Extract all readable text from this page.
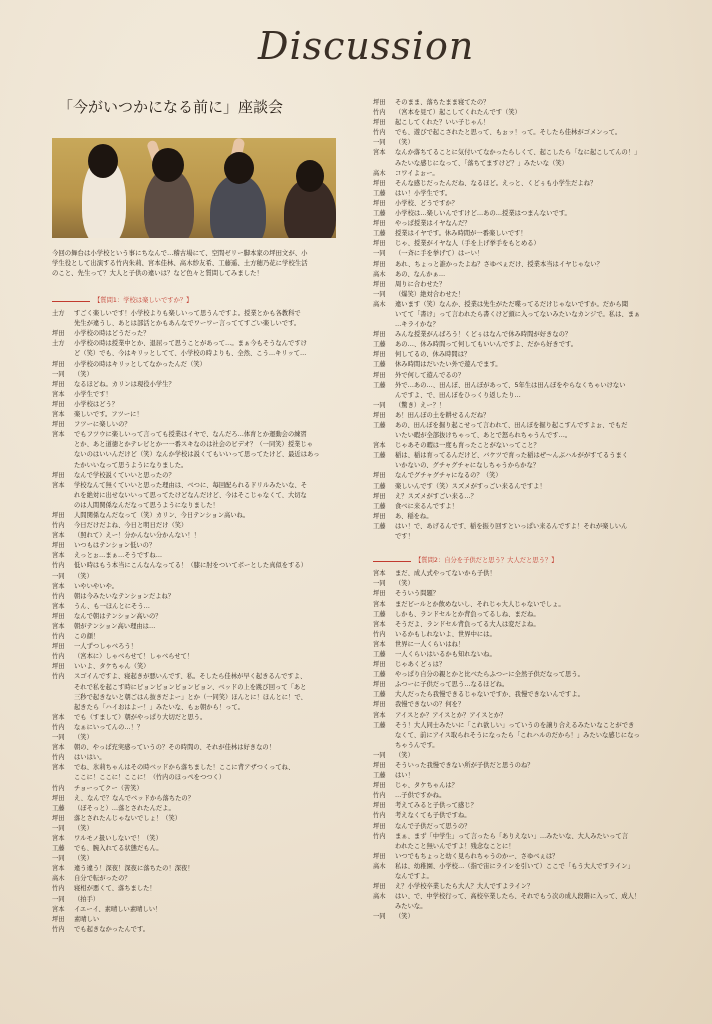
Discussion
「今がいつかになる前に」座談会
今回の舞台は小学校という事にちなんで…稽古場にて、空間ゼリー脚本家の坪田文が、小
学生役として出演する竹内朱莉、宮本佳林、高木紗友希、工藤遥、土方穂乃花に学校生活
のこと、先生って？大人と子供の違いは？など色々と質問してみました！
【質問1：学校は楽しいですか？】
土方	すごく楽しいです！小学校よりも楽しいって思うんですよ。授業とかも各教科で
先生が違うし、あとは部活とかもあんなでワーワー言っててすごい楽しいです。
坪田	小学校の時はどうだった？
土方	小学校の時は授業中とか、退屈って思うことがあって…。まぁ今もそうなんですけ
ど（笑）でも、今はキリッとしてて、小学校の時よりも、全然、こう…キリッて…
坪田	小学校の時はキリッとしてなかったんだ（笑）
一同	（笑）
坪田	なるほどね。カリンは現役小学生？
宮本	小学生です！
坪田	小学校はどう？
宮本	楽しいです。フツーに！
坪田	フツーに楽しいの？
宮本	でもフツウに楽しいって言っても授業はイヤで、なんだろ…体育とか運動会の練習
とか、あと道徳とかテレビとか一一番スキなのは社会のビデオ？（一同笑）授業じゃ
ないのはいいんだけど（笑）なんか学校は説くてもいいって思ってたけど、最近はあっ
たかいいなって思うようになりました。
坪田	なんで学校説くていいと思ったの？
宮本	学校なんて無くていいと思った理由は、べつに、毎回配られるドリルみたいな、そ
れを絶対に出せないいって思ってたけどなんだけど、今はそこじゃなくて、大切な
のは人間関係なんだなって思うようになりました！
坪田	人間関係なんだなって（笑）カリン、今日テンション高いね。
竹内	今日だけだよね、今日と明日だけ（笑）
宮本	（照れて）えー！分かんない分かんない！！
坪田	いつもはテンション低いの？
宮本	えっとぉ…まぁ…そうですね…
竹内	低い時はもう本当にこんなんなってる！（膝に肘をついてボーとした真似をする）
一同	（笑）
宮本	いやいやいや。
竹内	朝は今みたいなテンションだよね？
宮本	うん、も一ほんとにそう…
坪田	なんで朝はテンション高いの？
宮本	朝がテンション高い理由は…
竹内	この顔！
坪田	一人ずつしゃべろう！
竹内	（宮本に）しゃべらせて！しゃべらせて！
坪田	いいよ、タケちゃん（笑）
竹内	スゴイんですよ、寝起きが悪いんです、私。そしたら佳林が早く起きるんですよ、
それで私を起こす時にビョンビョンビョンビョン、ベッドの上を跳び回って「あと
三秒で起きないと朝ごはん抜きだよー」とか（一同笑）ほんとに！ほんとに！で、
起きたら「ハイおはよー！」みたいな、もぉ朝から！って。
宮本	でも（すまして）朝がやっぱり大切だと思う。
竹内	なぁにいってんの…！？
一同	（笑）
宮本	朝の、やっぱ充実感っていうの？その時間の、それが佳林は好きなの！
竹内	はいはい。
宮本	でね、氷莉ちゃんはその時ベッドから落ちました！ここに背アザつくってね、
ここに！ここに！ここに！（竹内のほっぺをつつく）
竹内	チョーってクー（苦笑）
坪田	え、なんで？なんでベッドから落ちたの？
工藤	（ぼそっと）…落とされたんだよ。
坪田	落とされたんじゃないでしょ！（笑）
一同	（笑）
宮本	ワルモノ扱いしないで！（笑）
工藤	でも、腕入れてる状態だもん。
一同	（笑）
宮本	違う違う！深夜！深夜に落ちたの！深夜！
高木	自分で転がったの？
竹内	寝相が悪くて、落ちました！
一同	（拍手）
宮本	イエーイ、素晴しい素晴しい！
坪田	素晴しい
竹内	でも起きなかったんです。
坪田	そのまま、落ちたまま寝てたの？
竹内	（宮本を見て）起こしてくれたんです（笑）
坪田	起こしてくれた？いい子じゃん！
竹内	でも、遊びで起こされたと思って、もぉッ！って。そしたら佳林がゴメンって。
一同	（笑）
宮本	なんか落ちてることに気付いてなかったらしくて、起こしたら「なに起こしてんの！」
みたいな感じになって、「落ちてますけど？」みたいな（笑）
高木	コワイよぉー。
坪田	そんな感じだったんだね、なるほど。えっと、くどぅも小学生だよね？
工藤	はい！小学生です。
坪田	小学校、どうですか？
工藤	小学校は…楽しいんですけど…あの…授業はつまんないです。
坪田	やっぱ授業はイヤなんだ？
工藤	授業はイヤです。休み時間が一番楽しいです！
坪田	じゃ、授業がイヤな人（手を上げ挙手をもとめる）
一同	（一斉に手を挙げて）はーい！
坪田	あれ、ちょっと誰かったよね？さゆべぇだけ、授業本当はイヤじゃない？
高木	あの、なんかぁ…
坪田	周りに合わせた？
一同	（爆笑）絶対合わせた！
高木	違います（笑）なんか、授業は先生がただ喋ってるだけじゃないですか。だから聞
いてて「書け」って言われたら書くけど頭に入ってないみたいなカンジで。私は、まぁ
…キライかな？
坪田	みんな授業がんばろう！くどぅはなんで休み時間が好きなの？
工藤	あの…、休み時間って何してもいいんですよ、だから好きです。
坪田	何してるの、休み時間は？
工藤	休み時間はだいたい外で遊んでます。
坪田	外で何して遊んでるの？
工藤	外で…あの…、田んぼ、田んぼがあって、5年生は田んぼをやらなくちゃいけない
んですよ、で、田んぼをひっくり返したり…
一同	（驚き）えー？！
坪田	あ！田んぼの土を耕せるんだね？
工藤	あの、田んぼを掘り起こせって言われて、田んぼを掘り起こすんですよぉ、でもだ
いたい暇が全部抜けちゃって、あとで怒られちゃうんです…。
宮本	じゃあその暇は一度も育ったことがないってこと？
工藤	稲は、稲は育ってるんだけど、バケツで育った稲はぜ〜んぶハルががすてるうまく
いかないの、グチャグチャになしちゃうからかな？
坪田	なんでグチャグチャになるの？（笑）
工藤	楽しいんです（笑）スズメがすっごい来るんですよ！
坪田	え？スズメがすごい来る…？
工藤	食べに来るんですよ！
坪田	あ、稲をね。
工藤	はい！で、あげるんです、稲を振り回すといっぱい来るんですよ！それが楽しいん
です！
【質問2：自分を子供だと思う？大人だと思う？】
宮本	まだ、成人式やってないから子供！
一同	（笑）
坪田	そういう問題？
宮本	まだビールとか飲めないし、それじゃ大人じゃないでしょ。
工藤	しかも、ランドセルとか背負ってるしね、まだね。
宮本	そうだよ、ランドセル背負ってる大人は変だよね。
竹内	いるかもしれないよ、世界中には。
宮本	世界に一人くらいはね！
工藤	一人くらいはいるかも知れないね。
坪田	じゃあくどぅは？
工藤	やっぱり自分の親とかと比べたらふつーに全然子供だなって思う。
坪田	ふつーに子供だって思う…なるほどね。
工藤	大人だったら我慢できるじゃないですか、我慢できないんですよ。
坪田	我慢できないの？何を？
宮本	アイスとか？アイスとか？アイスとか？
工藤	そう！大人同士みたいに「これ欲しい」っていうのを譲り合えるみたいなことができ
なくて、前にアイス取られそうになったら「これハルのだから！」みたいな感じになっ
ちゃうんです。
一同	（笑）
坪田	そういった我慢できない所が子供だと思うのね？
工藤	はい！
坪田	じゃ、タケちゃんは？
竹内	…子供ですかね。
坪田	考えてみると子供って感じ？
竹内	考えなくても子供ですね。
坪田	なんで子供だって思うの？
竹内	まぁ、まず「中学生」って言ったら「ありえない」…みたいな、大人みたいって言
われたこと無いんですよ！残念なことに！
坪田	いつでもちょっと幼く見られちゃうのかー、さゆべぇは？
高木	私は、幼稚園、小学校…（指で宙にラインを引いて）ここで「もう大人ですライン」
なんですよ。
坪田	え？小学校卒業したら大人？大人ですよライン？
高木	はい、で、中学校行って、高校卒業したら、それでもう次の成人段階に入って、成人！
みたいな。
一同	（笑）
